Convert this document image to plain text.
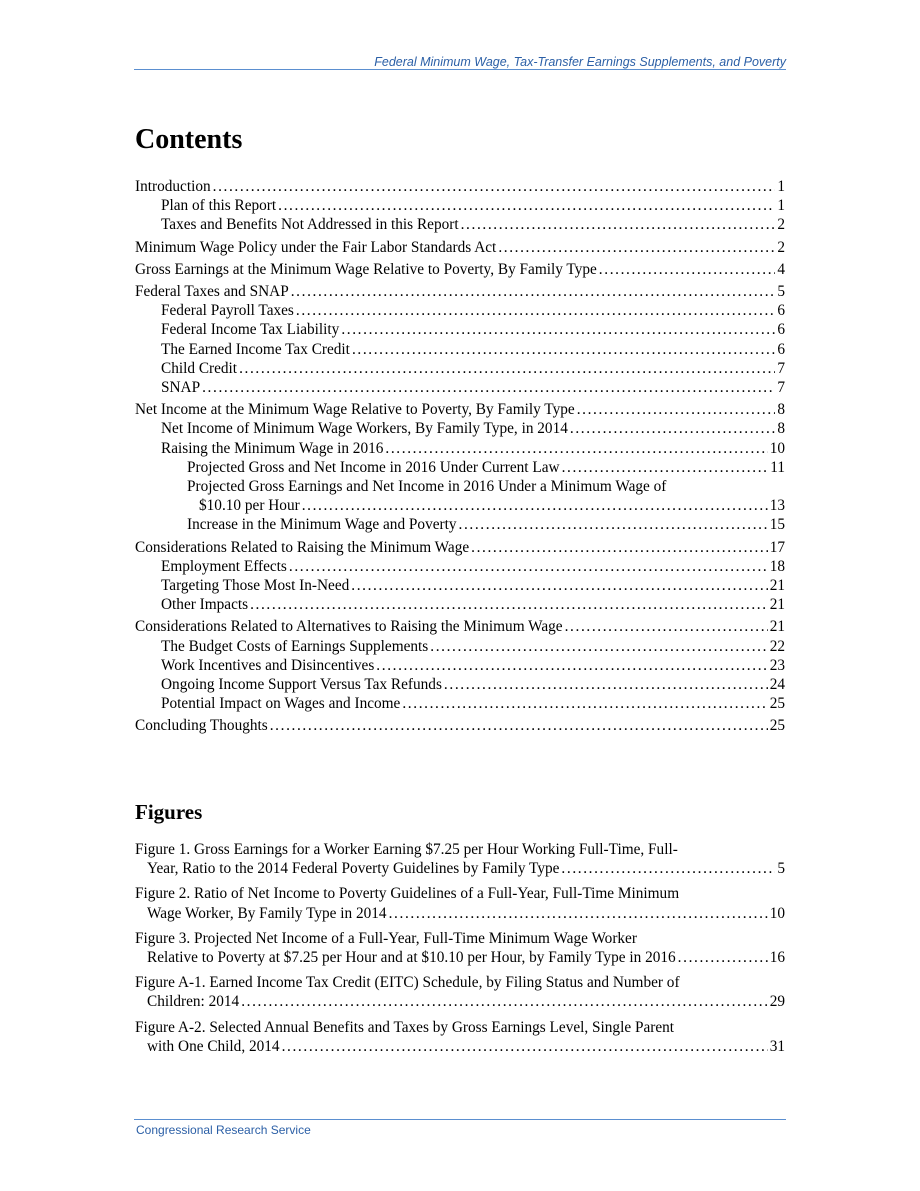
Federal Minimum Wage, Tax-Transfer Earnings Supplements, and Poverty
Contents
Introduction . . .	1
Plan of this Report . . .	1
Taxes and Benefits Not Addressed in this Report . . .	2
Minimum Wage Policy under the Fair Labor Standards Act . . .	2
Gross Earnings at the Minimum Wage Relative to Poverty, By Family Type . . .	4
Federal Taxes and SNAP . . .	5
Federal Payroll Taxes . . .	6
Federal Income Tax Liability . . .	6
The Earned Income Tax Credit . . .	6
Child Credit . . .	7
SNAP . . .	7
Net Income at the Minimum Wage Relative to Poverty, By Family Type . . .	8
Net Income of Minimum Wage Workers, By Family Type, in 2014 . . .	8
Raising the Minimum Wage in 2016 . . .	10
Projected Gross and Net Income in 2016 Under Current Law . . .	11
Projected Gross Earnings and Net Income in 2016 Under a Minimum Wage of
$10.10 per Hour . . .	13
Increase in the Minimum Wage and Poverty . . .	15
Considerations Related to Raising the Minimum Wage . . .	17
Employment Effects . . .	18
Targeting Those Most In-Need . . .	21
Other Impacts . . .	21
Considerations Related to Alternatives to Raising the Minimum Wage . . .	21
The Budget Costs of Earnings Supplements . . .	22
Work Incentives and Disincentives . . .	23
Ongoing Income Support Versus Tax Refunds . . .	24
Potential Impact on Wages and Income . . .	25
Concluding Thoughts . . .	25
Figures
Figure 1. Gross Earnings for a Worker Earning $7.25 per Hour Working Full-Time, Full-
Year, Ratio to the 2014 Federal Poverty Guidelines by Family Type . . .	5
Figure 2. Ratio of Net Income to Poverty Guidelines of a Full-Year, Full-Time Minimum
Wage Worker, By Family Type in 2014 . . .	10
Figure 3. Projected Net Income of a Full-Year, Full-Time Minimum Wage Worker
Relative to Poverty at $7.25 per Hour and at $10.10 per Hour, by Family Type in 2016 . . .	16
Figure A-1. Earned Income Tax Credit (EITC) Schedule, by Filing Status and Number of
Children: 2014 . . .	29
Figure A-2. Selected Annual Benefits and Taxes by Gross Earnings Level, Single Parent
with One Child, 2014 . . .	31
Congressional Research Service
